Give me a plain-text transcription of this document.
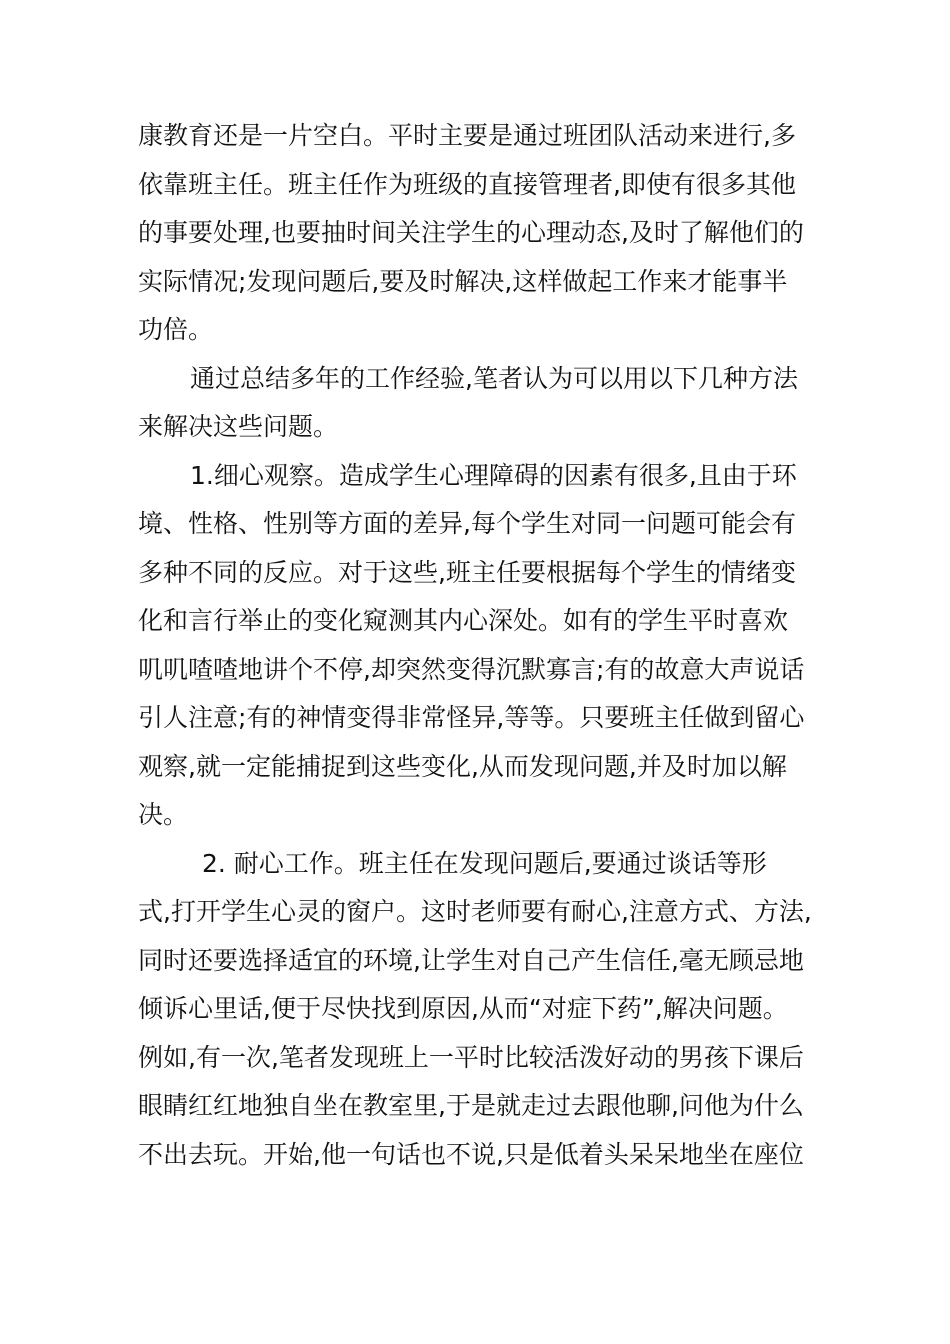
康教育还是一片空白。平时主要是通过班团队活动来进行,多
依靠班主任。班主任作为班级的直接管理者,即使有很多其他
的事要处理,也要抽时间关注学生的心理动态,及时了解他们的
实际情况;发现问题后,要及时解决,这样做起工作来才能事半
功倍。
通过总结多年的工作经验,笔者认为可以用以下几种方法
来解决这些问题。
1.细心观察。造成学生心理障碍的因素有很多,且由于环
境、性格、性别等方面的差异,每个学生对同一问题可能会有
多种不同的反应。对于这些,班主任要根据每个学生的情绪变
化和言行举止的变化窥测其内心深处。如有的学生平时喜欢
叽叽喳喳地讲个不停,却突然变得沉默寡言;有的故意大声说话
引人注意;有的神情变得非常怪异,等等。只要班主任做到留心
观察,就一定能捕捉到这些变化,从而发现问题,并及时加以解
决。
2. 耐心工作。班主任在发现问题后,要通过谈话等形
式,打开学生心灵的窗户。这时老师要有耐心,注意方式、方法,
同时还要选择适宜的环境,让学生对自己产生信任,毫无顾忌地
倾诉心里话,便于尽快找到原因,从而“对症下药”,解决问题。
例如,有一次,笔者发现班上一平时比较活泼好动的男孩下课后
眼睛红红地独自坐在教室里,于是就走过去跟他聊,问他为什么
不出去玩。开始,他一句话也不说,只是低着头呆呆地坐在座位
